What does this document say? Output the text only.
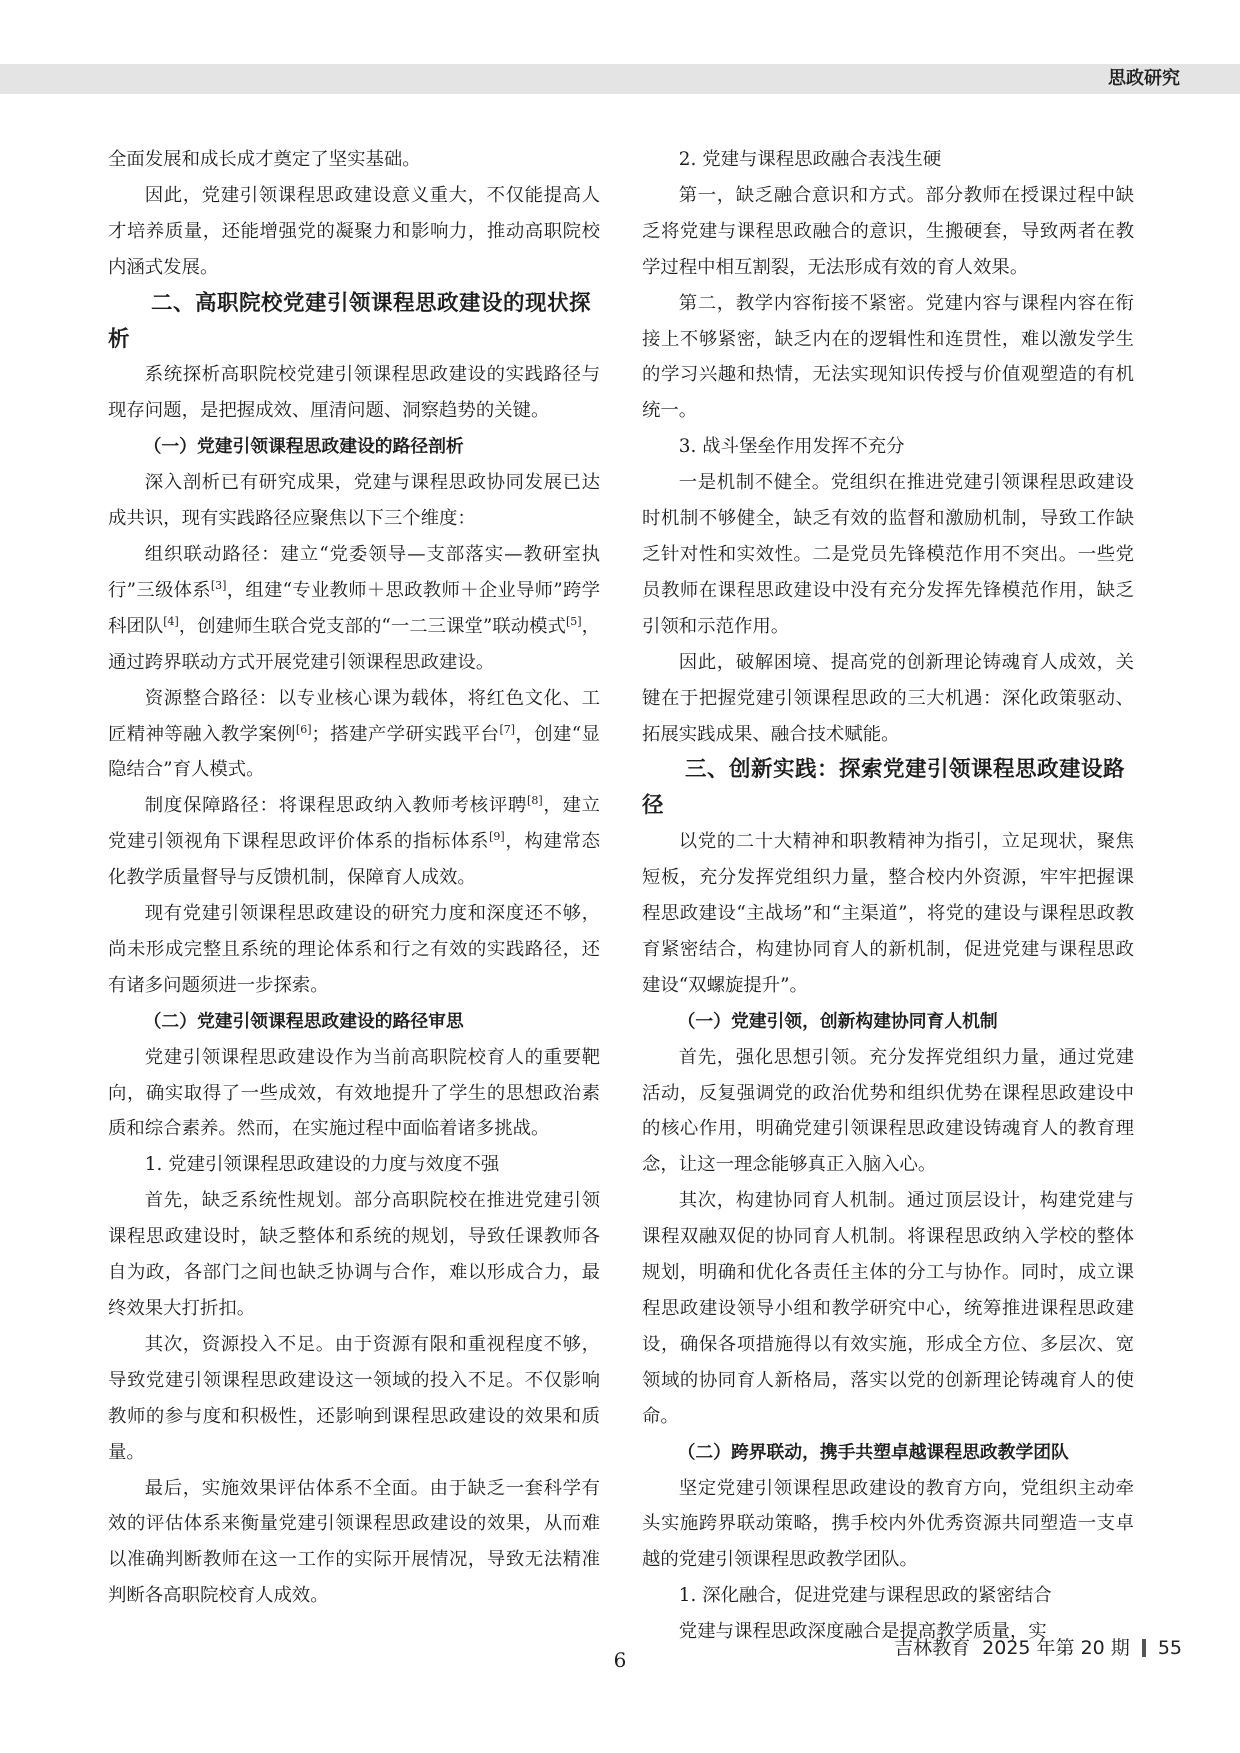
思政研究

全面发展和成长成才奠定了坚实基础。

因此，党建引领课程思政建设意义重大，不仅能提高人才培养质量，还能增强党的凝聚力和影响力，推动高职院校内涵式发展。

二、高职院校党建引领课程思政建设的现状探析

系统探析高职院校党建引领课程思政建设的实践路径与现存问题，是把握成效、厘清问题、洞察趋势的关键。

（一）党建引领课程思政建设的路径剖析

深入剖析已有研究成果，党建与课程思政协同发展已达成共识，现有实践路径应聚焦以下三个维度：

组织联动路径：建立“党委领导—支部落实—教研室执行”三级体系[3]，组建“专业教师＋思政教师＋企业导师”跨学科团队[4]，创建师生联合党支部的“一二三课堂”联动模式[5]，通过跨界联动方式开展党建引领课程思政建设。

资源整合路径：以专业核心课为载体，将红色文化、工匠精神等融入教学案例[6]；搭建产学研实践平台[7]，创建“显隐结合”育人模式。

制度保障路径：将课程思政纳入教师考核评聘[8]，建立党建引领视角下课程思政评价体系的指标体系[9]，构建常态化教学质量督导与反馈机制，保障育人成效。

现有党建引领课程思政建设的研究力度和深度还不够，尚未形成完整且系统的理论体系和行之有效的实践路径，还有诸多问题须进一步探索。

（二）党建引领课程思政建设的路径审思

党建引领课程思政建设作为当前高职院校育人的重要靶向，确实取得了一些成效，有效地提升了学生的思想政治素质和综合素养。然而，在实施过程中面临着诸多挑战。

1. 党建引领课程思政建设的力度与效度不强

首先，缺乏系统性规划。部分高职院校在推进党建引领课程思政建设时，缺乏整体和系统的规划，导致任课教师各自为政，各部门之间也缺乏协调与合作，难以形成合力，最终效果大打折扣。

其次，资源投入不足。由于资源有限和重视程度不够，导致党建引领课程思政建设这一领域的投入不足。不仅影响教师的参与度和积极性，还影响到课程思政建设的效果和质量。

最后，实施效果评估体系不全面。由于缺乏一套科学有效的评估体系来衡量党建引领课程思政建设的效果，从而难以准确判断教师在这一工作的实际开展情况，导致无法精准判断各高职院校育人成效。

2. 党建与课程思政融合表浅生硬

第一，缺乏融合意识和方式。部分教师在授课过程中缺乏将党建与课程思政融合的意识，生搬硬套，导致两者在教学过程中相互割裂，无法形成有效的育人效果。

第二，教学内容衔接不紧密。党建内容与课程内容在衔接上不够紧密，缺乏内在的逻辑性和连贯性，难以激发学生的学习兴趣和热情，无法实现知识传授与价值观塑造的有机统一。

3. 战斗堡垒作用发挥不充分

一是机制不健全。党组织在推进党建引领课程思政建设时机制不够健全，缺乏有效的监督和激励机制，导致工作缺乏针对性和实效性。二是党员先锋模范作用不突出。一些党员教师在课程思政建设中没有充分发挥先锋模范作用，缺乏引领和示范作用。

因此，破解困境、提高党的创新理论铸魂育人成效，关键在于把握党建引领课程思政的三大机遇：深化政策驱动、拓展实践成果、融合技术赋能。

三、创新实践：探索党建引领课程思政建设路径

以党的二十大精神和职教精神为指引，立足现状，聚焦短板，充分发挥党组织力量，整合校内外资源，牢牢把握课程思政建设“主战场”和“主渠道”，将党的建设与课程思政教育紧密结合，构建协同育人的新机制，促进党建与课程思政建设“双螺旋提升”。

（一）党建引领，创新构建协同育人机制

首先，强化思想引领。充分发挥党组织力量，通过党建活动，反复强调党的政治优势和组织优势在课程思政建设中的核心作用，明确党建引领课程思政建设铸魂育人的教育理念，让这一理念能够真正入脑入心。

其次，构建协同育人机制。通过顶层设计，构建党建与课程双融双促的协同育人机制。将课程思政纳入学校的整体规划，明确和优化各责任主体的分工与协作。同时，成立课程思政建设领导小组和教学研究中心，统筹推进课程思政建设，确保各项措施得以有效实施，形成全方位、多层次、宽领域的协同育人新格局，落实以党的创新理论铸魂育人的使命。

（二）跨界联动，携手共塑卓越课程思政教学团队

坚定党建引领课程思政建设的教育方向，党组织主动牵头实施跨界联动策略，携手校内外优秀资源共同塑造一支卓越的党建引领课程思政教学团队。

1. 深化融合，促进党建与课程思政的紧密结合

党建与课程思政深度融合是提高教学质量，实

6	吉林教育 2025 年第 20 期 55
